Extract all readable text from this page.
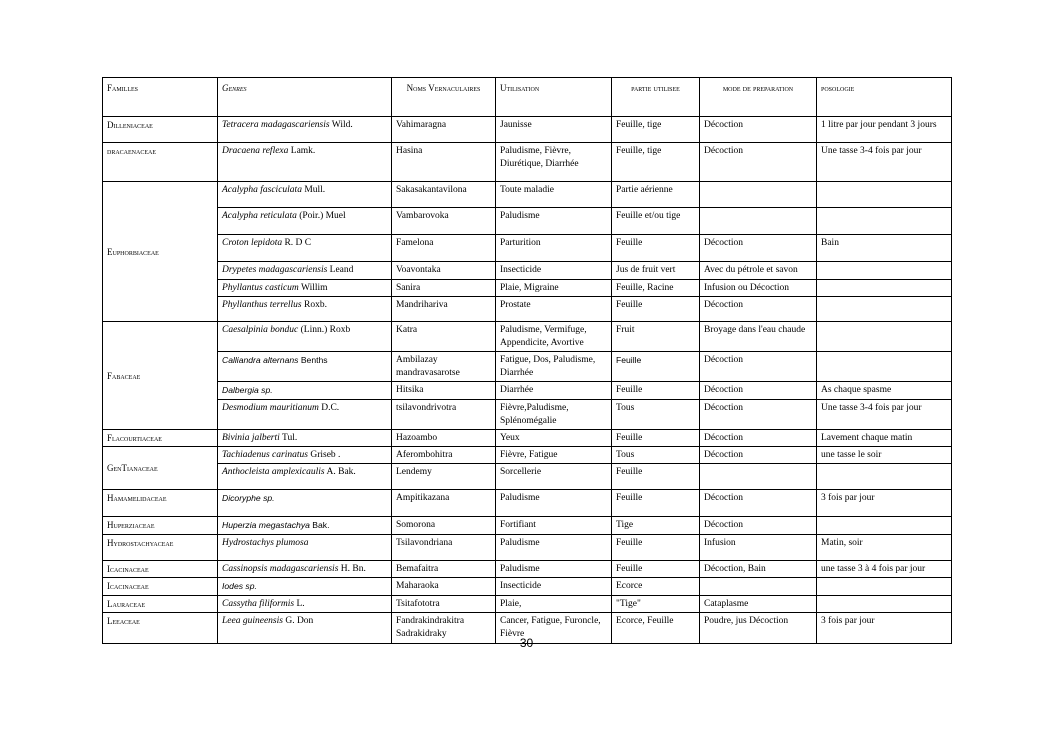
Familles	Genres	Noms Vernaculaires	Utilisation	partie utilisee	mode de preparation	posologie
Dilleniaceae	Tetracera madagascariensis Wild.	Vahimaragna	Jaunisse	Feuille, tige	Décoction	1 litre par jour pendant 3 jours
dracaenaceae	Dracaena reflexa Lamk.	Hasina	Paludisme, Fièvre, Diurétique, Diarrhée	Feuille, tige	Décoction	Une tasse 3-4 fois par jour
Euphorbiaceae	Acalypha fasciculata Mull.	Sakasakantavilona	Toute maladie	Partie aérienne		
	Acalypha reticulata (Poir.) Muel	Vambarovoka	Paludisme	Feuille et/ou tige		
	Croton lepidota R. D C	Famelona	Parturition	Feuille	Décoction	Bain
	Drypetes madagascariensis Leand	Voavontaka	Insecticide	Jus de fruit vert	Avec du pétrole et savon	
	Phyllantus casticum Willim	Sanira	Plaie, Migraine	Feuille, Racine	Infusion ou Décoction	
	Phyllanthus terrellus Roxb.	Mandriharivа	Prostate	Feuille	Décoction	
Fabaceae	Caesalpinia bonduc (Linn.) Roxb	Katra	Paludisme, Vermifuge, Appendicite, Avortive	Fruit	Broyage dans l'eau chaude	
	Calliandra alternans Benths	Ambilazay mandravasarotse	Fatigue, Dos, Paludisme, Diarrhée	Feuille	Décoction	
	Dalbergia sp.	Hitsika	Diarrhée	Feuille	Décoction	As chaque spasme
	Desmodium mauritianum D.C.	tsilavondrivotra	Fièvre,Paludisme, Splénomégalie	Tous	Décoction	Une tasse 3-4 fois par jour
Flacourtiaceae	Bivinia jalberti Tul.	Hazoambo	Yeux	Feuille	Décoction	Lavement chaque matin
GenTianaceae	Tachiadenus carinatus Griseb .	Aferombohitra	Fièvre, Fatigue	Tous	Décoction	une tasse le soir
	Anthocleista amplexicaulis A. Bak.	Lendemy	Sorcellerie	Feuille		
Hamamelidaceae	Dicoryphe sp.	Ampitikazana	Paludisme	Feuille	Décoction	3 fois par jour
Huperziaceae	Huperzia megastachya Bak.	Somorona	Fortifiant	Tige	Décoction	
Hydrostachyaceae	Hydrostachys plumosa	Tsilavondriana	Paludisme	Feuille	Infusion	Matin, soir
Icacinaceae	Cassinopsis madagascariensis H. Bn.	Bemafaitra	Paludisme	Feuille	Décoction, Bain	une tasse 3 à 4 fois par jour
Icacinaceae	Iodes sp.	Maharaoka	Insecticide	Ecorce		
Lauraceae	Cassytha filiformis L.	Tsitafototra	Plaie,	"Tige"	Cataplasme	
Leeaceae	Leea guineensis G. Don	Fandrakindrakitra Sadrakidraky	Cancer, Fatigue, Furoncle, Fièvre	Ecorce, Feuille	Poudre, jus Décoction	3 fois par jour
30
